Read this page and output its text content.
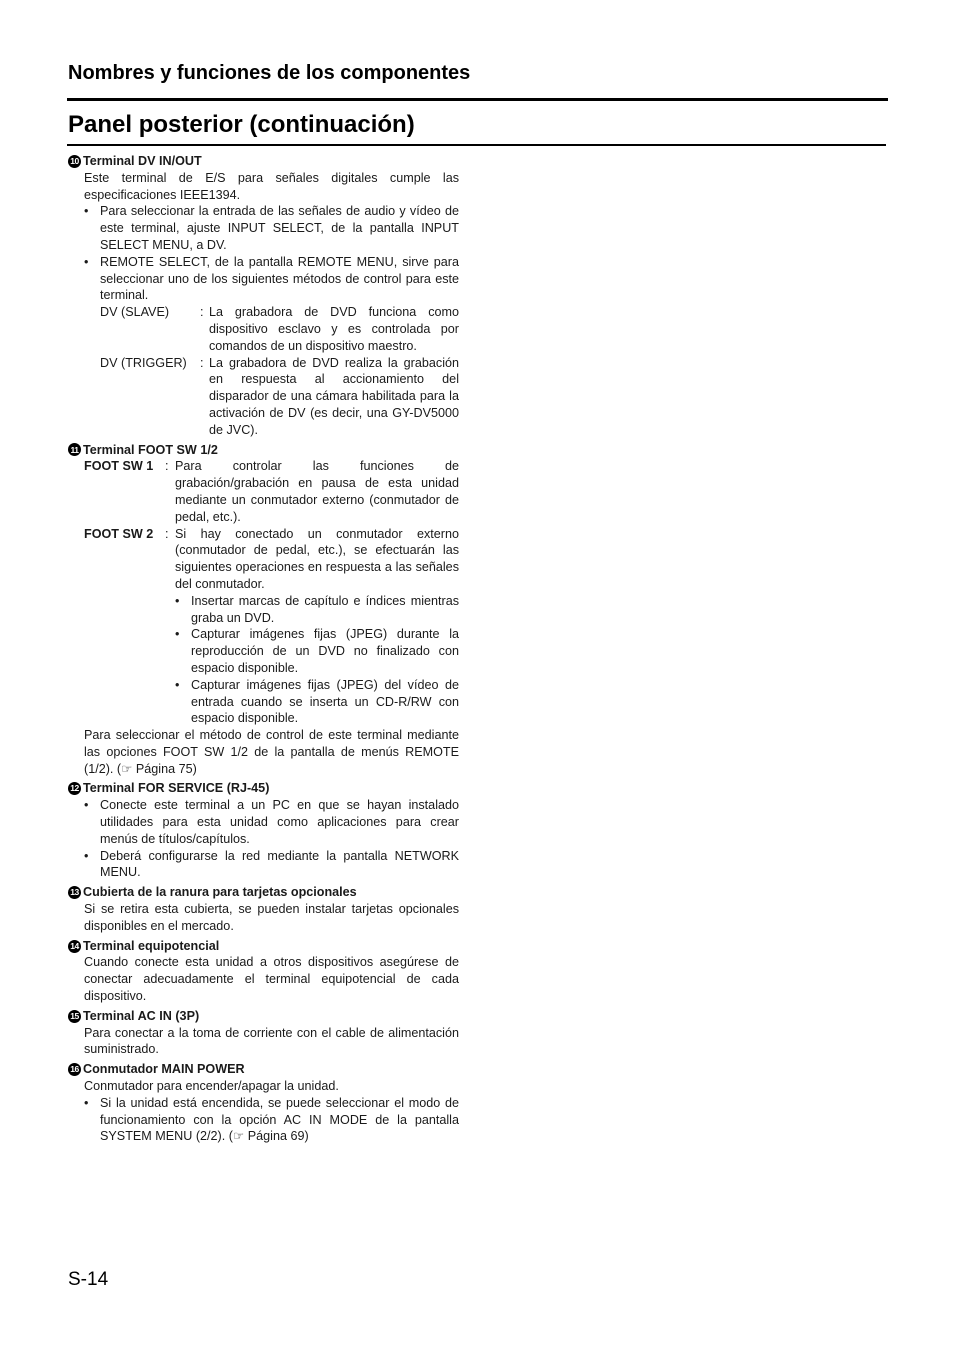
Nombres y funciones de los componentes
Panel posterior (continuación)
10 Terminal DV IN/OUT
Este terminal de E/S para señales digitales cumple las especificaciones IEEE1394.
• Para seleccionar la entrada de las señales de audio y vídeo de este terminal, ajuste INPUT SELECT, de la pantalla INPUT SELECT MENU, a DV.
• REMOTE SELECT, de la pantalla REMOTE MENU, sirve para seleccionar uno de los siguientes métodos de control para este terminal.
DV (SLAVE)	: La grabadora de DVD funciona como dispositivo esclavo y es controlada por comandos de un dispositivo maestro.
DV (TRIGGER)	: La grabadora de DVD realiza la grabación en respuesta al accionamiento del disparador de una cámara habilitada para la activación de DV (es decir, una GY-DV5000 de JVC).
11 Terminal FOOT SW 1/2
FOOT SW 1 : Para controlar las funciones de grabación/grabación en pausa de esta unidad mediante un conmutador externo (conmutador de pedal, etc.).
FOOT SW 2 : Si hay conectado un conmutador externo (conmutador de pedal, etc.), se efectuarán las siguientes operaciones en respuesta a las señales del conmutador.
• Insertar marcas de capítulo e índices mientras graba un DVD.
• Capturar imágenes fijas (JPEG) durante la reproducción de un DVD no finalizado con espacio disponible.
• Capturar imágenes fijas (JPEG) del vídeo de entrada cuando se inserta un CD-R/RW con espacio disponible.
Para seleccionar el método de control de este terminal mediante las opciones FOOT SW 1/2 de la pantalla de menús REMOTE (1/2). (☞ Página 75)
12 Terminal FOR SERVICE (RJ-45)
• Conecte este terminal a un PC en que se hayan instalado utilidades para esta unidad como aplicaciones para crear menús de títulos/capítulos.
• Deberá configurarse la red mediante la pantalla NETWORK MENU.
13 Cubierta de la ranura para tarjetas opcionales
Si se retira esta cubierta, se pueden instalar tarjetas opcionales disponibles en el mercado.
14 Terminal equipotencial
Cuando conecte esta unidad a otros dispositivos asegúrese de conectar adecuadamente el terminal equipotencial de cada dispositivo.
15 Terminal AC IN (3P)
Para conectar a la toma de corriente con el cable de alimentación suministrado.
16 Conmutador MAIN POWER
Conmutador para encender/apagar la unidad.
• Si la unidad está encendida, se puede seleccionar el modo de funcionamiento con la opción AC IN MODE de la pantalla SYSTEM MENU (2/2). (☞ Página 69)
S-14
